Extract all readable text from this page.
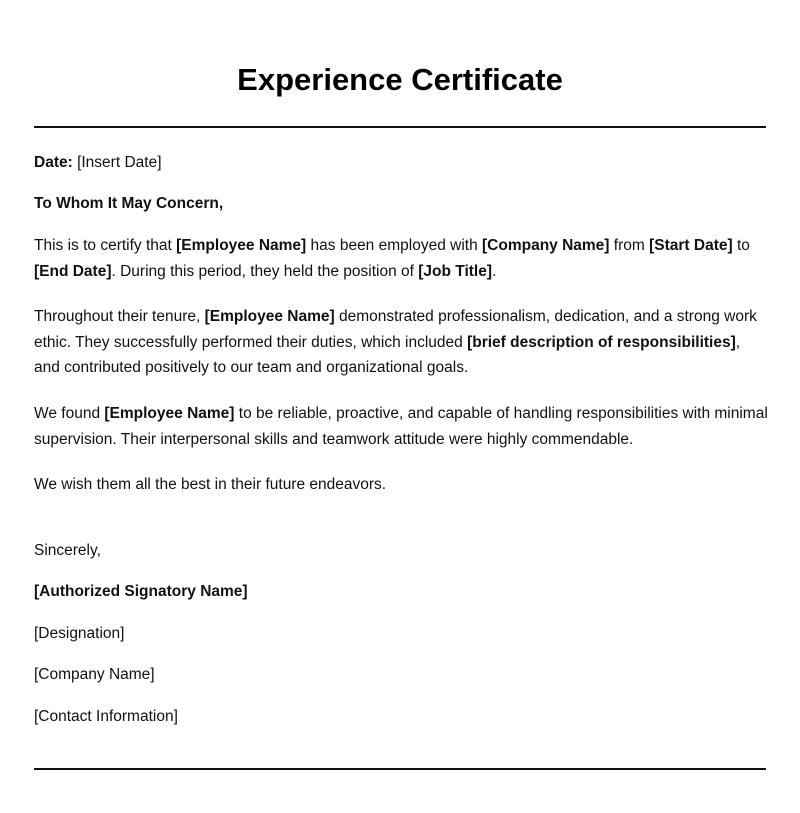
Experience Certificate

Date: [Insert Date]

To Whom It May Concern,

This is to certify that [Employee Name] has been employed with [Company Name] from [Start Date] to [End Date]. During this period, they held the position of [Job Title].

Throughout their tenure, [Employee Name] demonstrated professionalism, dedication, and a strong work ethic. They successfully performed their duties, which included [brief description of responsibilities], and contributed positively to our team and organizational goals.

We found [Employee Name] to be reliable, proactive, and capable of handling responsibilities with minimal supervision. Their interpersonal skills and teamwork attitude were highly commendable.

We wish them all the best in their future endeavors.

Sincerely,

[Authorized Signatory Name]

[Designation]

[Company Name]

[Contact Information]
